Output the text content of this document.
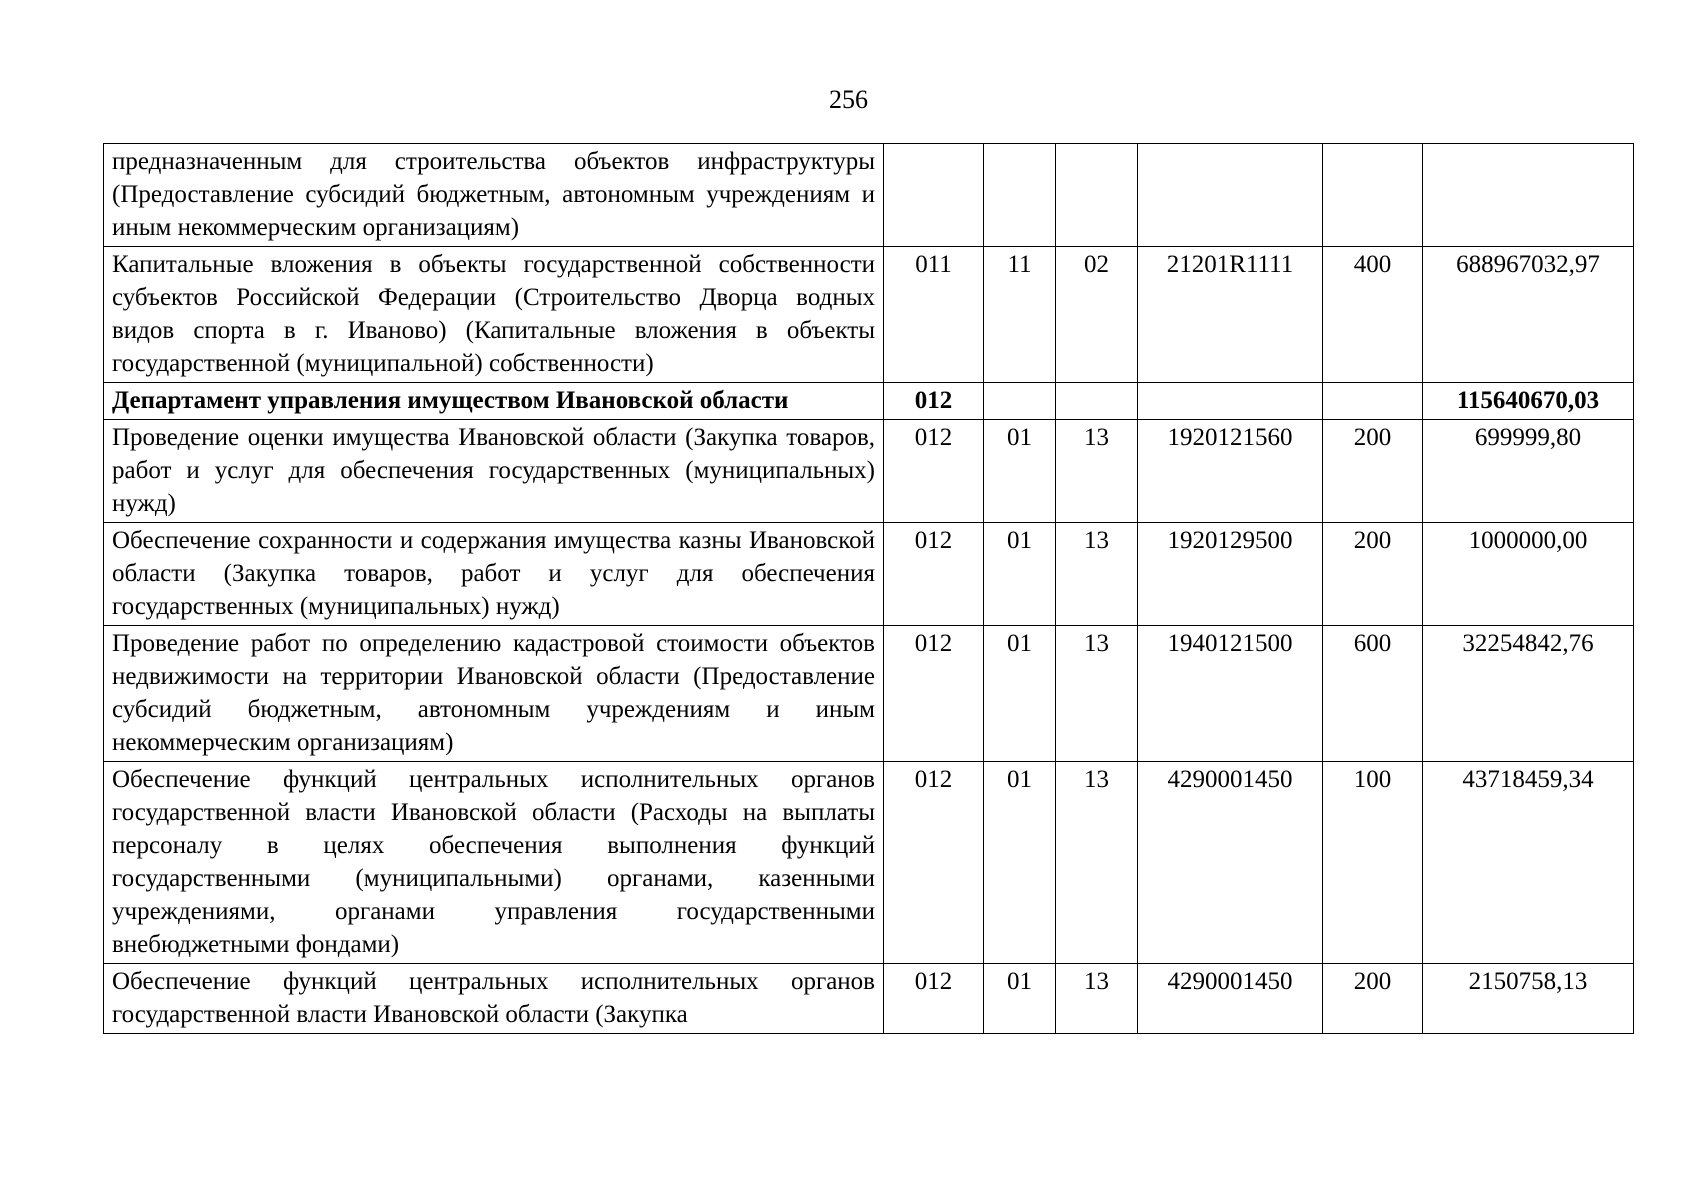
256
предназначенным для строительства объектов инфраструктуры (Предоставление субсидий бюджетным, автономным учреждениям и иным некоммерческим организациям)						
Капитальные вложения в объекты государственной собственности субъектов Российской Федерации (Строительство Дворца водных видов спорта в г. Иваново) (Капитальные вложения в объекты государственной (муниципальной) собственности)	011	11	02	21201R1111	400	688967032,97
Департамент управления имуществом Ивановской области	012					115640670,03
Проведение оценки имущества Ивановской области (Закупка товаров, работ и услуг для обеспечения государственных (муниципальных) нужд)	012	01	13	1920121560	200	699999,80
Обеспечение сохранности и содержания имущества казны Ивановской области (Закупка товаров, работ и услуг для обеспечения государственных (муниципальных) нужд)	012	01	13	1920129500	200	1000000,00
Проведение работ по определению кадастровой стоимости объектов недвижимости на территории Ивановской области (Предоставление субсидий бюджетным, автономным учреждениям и иным некоммерческим организациям)	012	01	13	1940121500	600	32254842,76
Обеспечение функций центральных исполнительных органов государственной власти Ивановской области (Расходы на выплаты персоналу в целях обеспечения выполнения функций государственными (муниципальными) органами, казенными учреждениями, органами управления государственными внебюджетными фондами)	012	01	13	4290001450	100	43718459,34
Обеспечение функций центральных исполнительных органов государственной власти Ивановской области (Закупка	012	01	13	4290001450	200	2150758,13
